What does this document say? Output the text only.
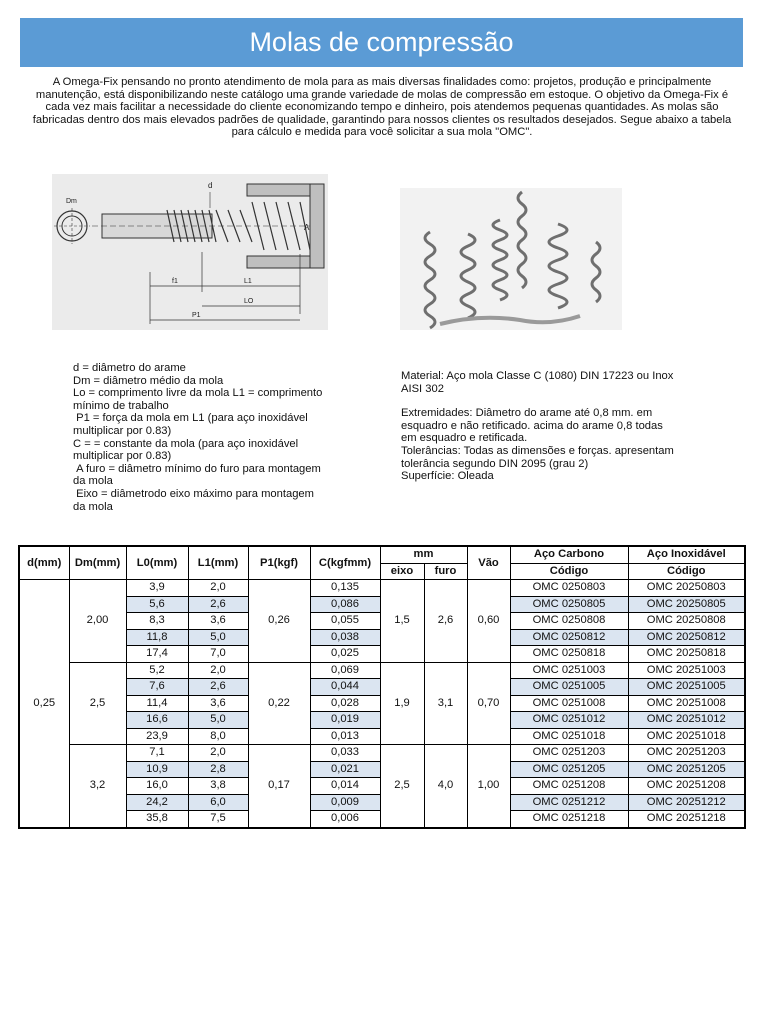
Molas de compressão
A Omega-Fix pensando no pronto atendimento de mola para as mais diversas finalidades como: projetos, produção e principalmente manutenção, está disponibilizando neste catálogo uma grande variedade de molas de compressão em estoque. O objetivo da Omega-Fix é cada vez mais facilitar a necessidade do cliente economizando tempo e dinheiro, pois atendemos pequenas quantidades. As molas são fabricadas dentro dos mais elevados padrões de qualidade, garantindo para nossos clientes os resultados desejados. Segue abaixo a tabela para cálculo e medida para você solicitar a sua mola "OMC".
Dm
A
d
f1	L1
LO
P1
d = diâmetro do arame
Dm = diâmetro médio da mola
Lo = comprimento livre da mola L1 = comprimento mínimo de trabalho
P1 = força da mola em L1 (para aço inoxidável multiplicar por 0.83)
C = = constante da mola (para aço inoxidável multiplicar por 0.83)
A furo = diâmetro mínimo do furo para montagem da mola
Eixo = diâmetrodo eixo máximo para montagem da mola
Material: Aço mola Classe C (1080) DIN 17223 ou Inox AISI 302
Extremidades: Diâmetro do arame até 0,8 mm. em esquadro e não retificado. acima do arame 0,8 todas em esquadro e retificada.
Tolerâncias: Todas as dimensões e forças. apresentam tolerância segundo DIN 2095 (grau 2)
Superfície: Oleada
d(mm)	Dm(mm)	L0(mm)	L1(mm)	P1(kgf)	C(kgfmm)	mm		Vão	Aço Carbono	Aço Inoxidável
						eixo	furo		Código	Código
0,25	2,00	3,9	2,0	0,26	0,135	1,5	2,6	0,60	OMC 0250803	OMC 20250803
		5,6	2,6		0,086				OMC 0250805	OMC 20250805
		8,3	3,6		0,055				OMC 0250808	OMC 20250808
		11,8	5,0		0,038				OMC 0250812	OMC 20250812
		17,4	7,0		0,025				OMC 0250818	OMC 20250818
	2,5	5,2	2,0	0,22	0,069	1,9	3,1	0,70	OMC 0251003	OMC 20251003
		7,6	2,6		0,044				OMC 0251005	OMC 20251005
		11,4	3,6		0,028				OMC 0251008	OMC 20251008
		16,6	5,0		0,019				OMC 0251012	OMC 20251012
		23,9	8,0		0,013				OMC 0251018	OMC 20251018
	3,2	7,1	2,0	0,17	0,033	2,5	4,0	1,00	OMC 0251203	OMC 20251203
		10,9	2,8		0,021				OMC 0251205	OMC 20251205
		16,0	3,8		0,014				OMC 0251208	OMC 20251208
		24,2	6,0		0,009				OMC 0251212	OMC 20251212
		35,8	7,5		0,006				OMC 0251218	OMC 20251218
